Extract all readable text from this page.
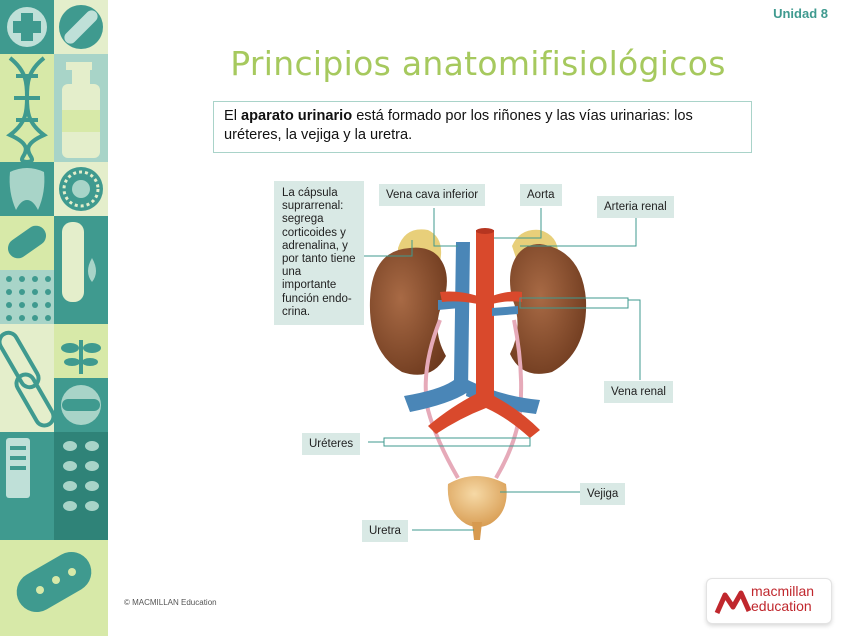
Unidad 8
Principios anatomifisiológicos
El aparato urinario está formado por los riñones y las vías urinarias: los uréteres, la vejiga y la uretra.
La cápsula suprarrenal: segrega corticoides y adrenalina, y por tanto tiene una importante función endo-crina.
Vena cava inferior	Aorta
Arteria renal
Vena renal
Uréteres
Vejiga
Uretra
© MACMILLAN Education
macmillan
education
